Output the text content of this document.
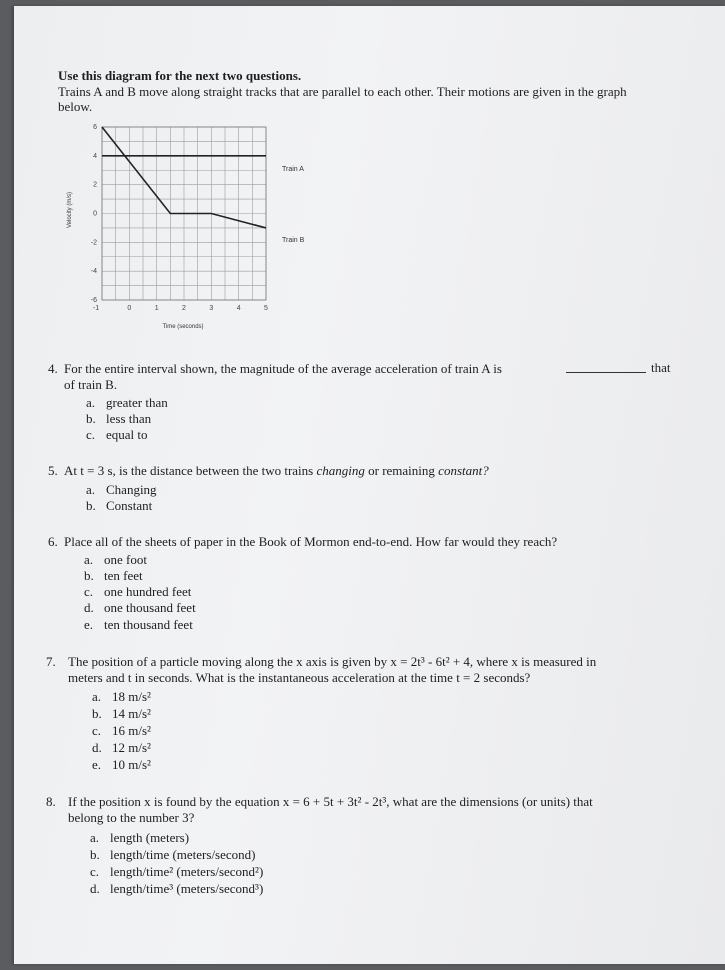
Use this diagram for the next two questions.
Trains A and B move along straight tracks that are parallel to each other. Their motions are given in the graph
below.
6
4
2
0
-2
-4
-6
-1	0	1	2	3	4	5
Time (seconds)
Velocity (m/s)
Train A
Train B
4. For the entire interval shown, the magnitude of the average acceleration of train A is	that
of train B.
a. greater than
b. less than
c. equal to
5. At t = 3 s, is the distance between the two trains changing or remaining constant?
a. Changing
b. Constant
6. Place all of the sheets of paper in the Book of Mormon end-to-end. How far would they reach?
a. one foot
b. ten feet
c. one hundred feet
d. one thousand feet
e. ten thousand feet
7. The position of a particle moving along the x axis is given by x = 2t³ - 6t² + 4, where x is measured in
meters and t in seconds. What is the instantaneous acceleration at the time t = 2 seconds?
a. 18 m/s²
b. 14 m/s²
c. 16 m/s²
d. 12 m/s²
e. 10 m/s²
8. If the position x is found by the equation x = 6 + 5t + 3t² - 2t³, what are the dimensions (or units) that
belong to the number 3?
a. length (meters)
b. length/time (meters/second)
c. length/time² (meters/second²)
d. length/time³ (meters/second³)
